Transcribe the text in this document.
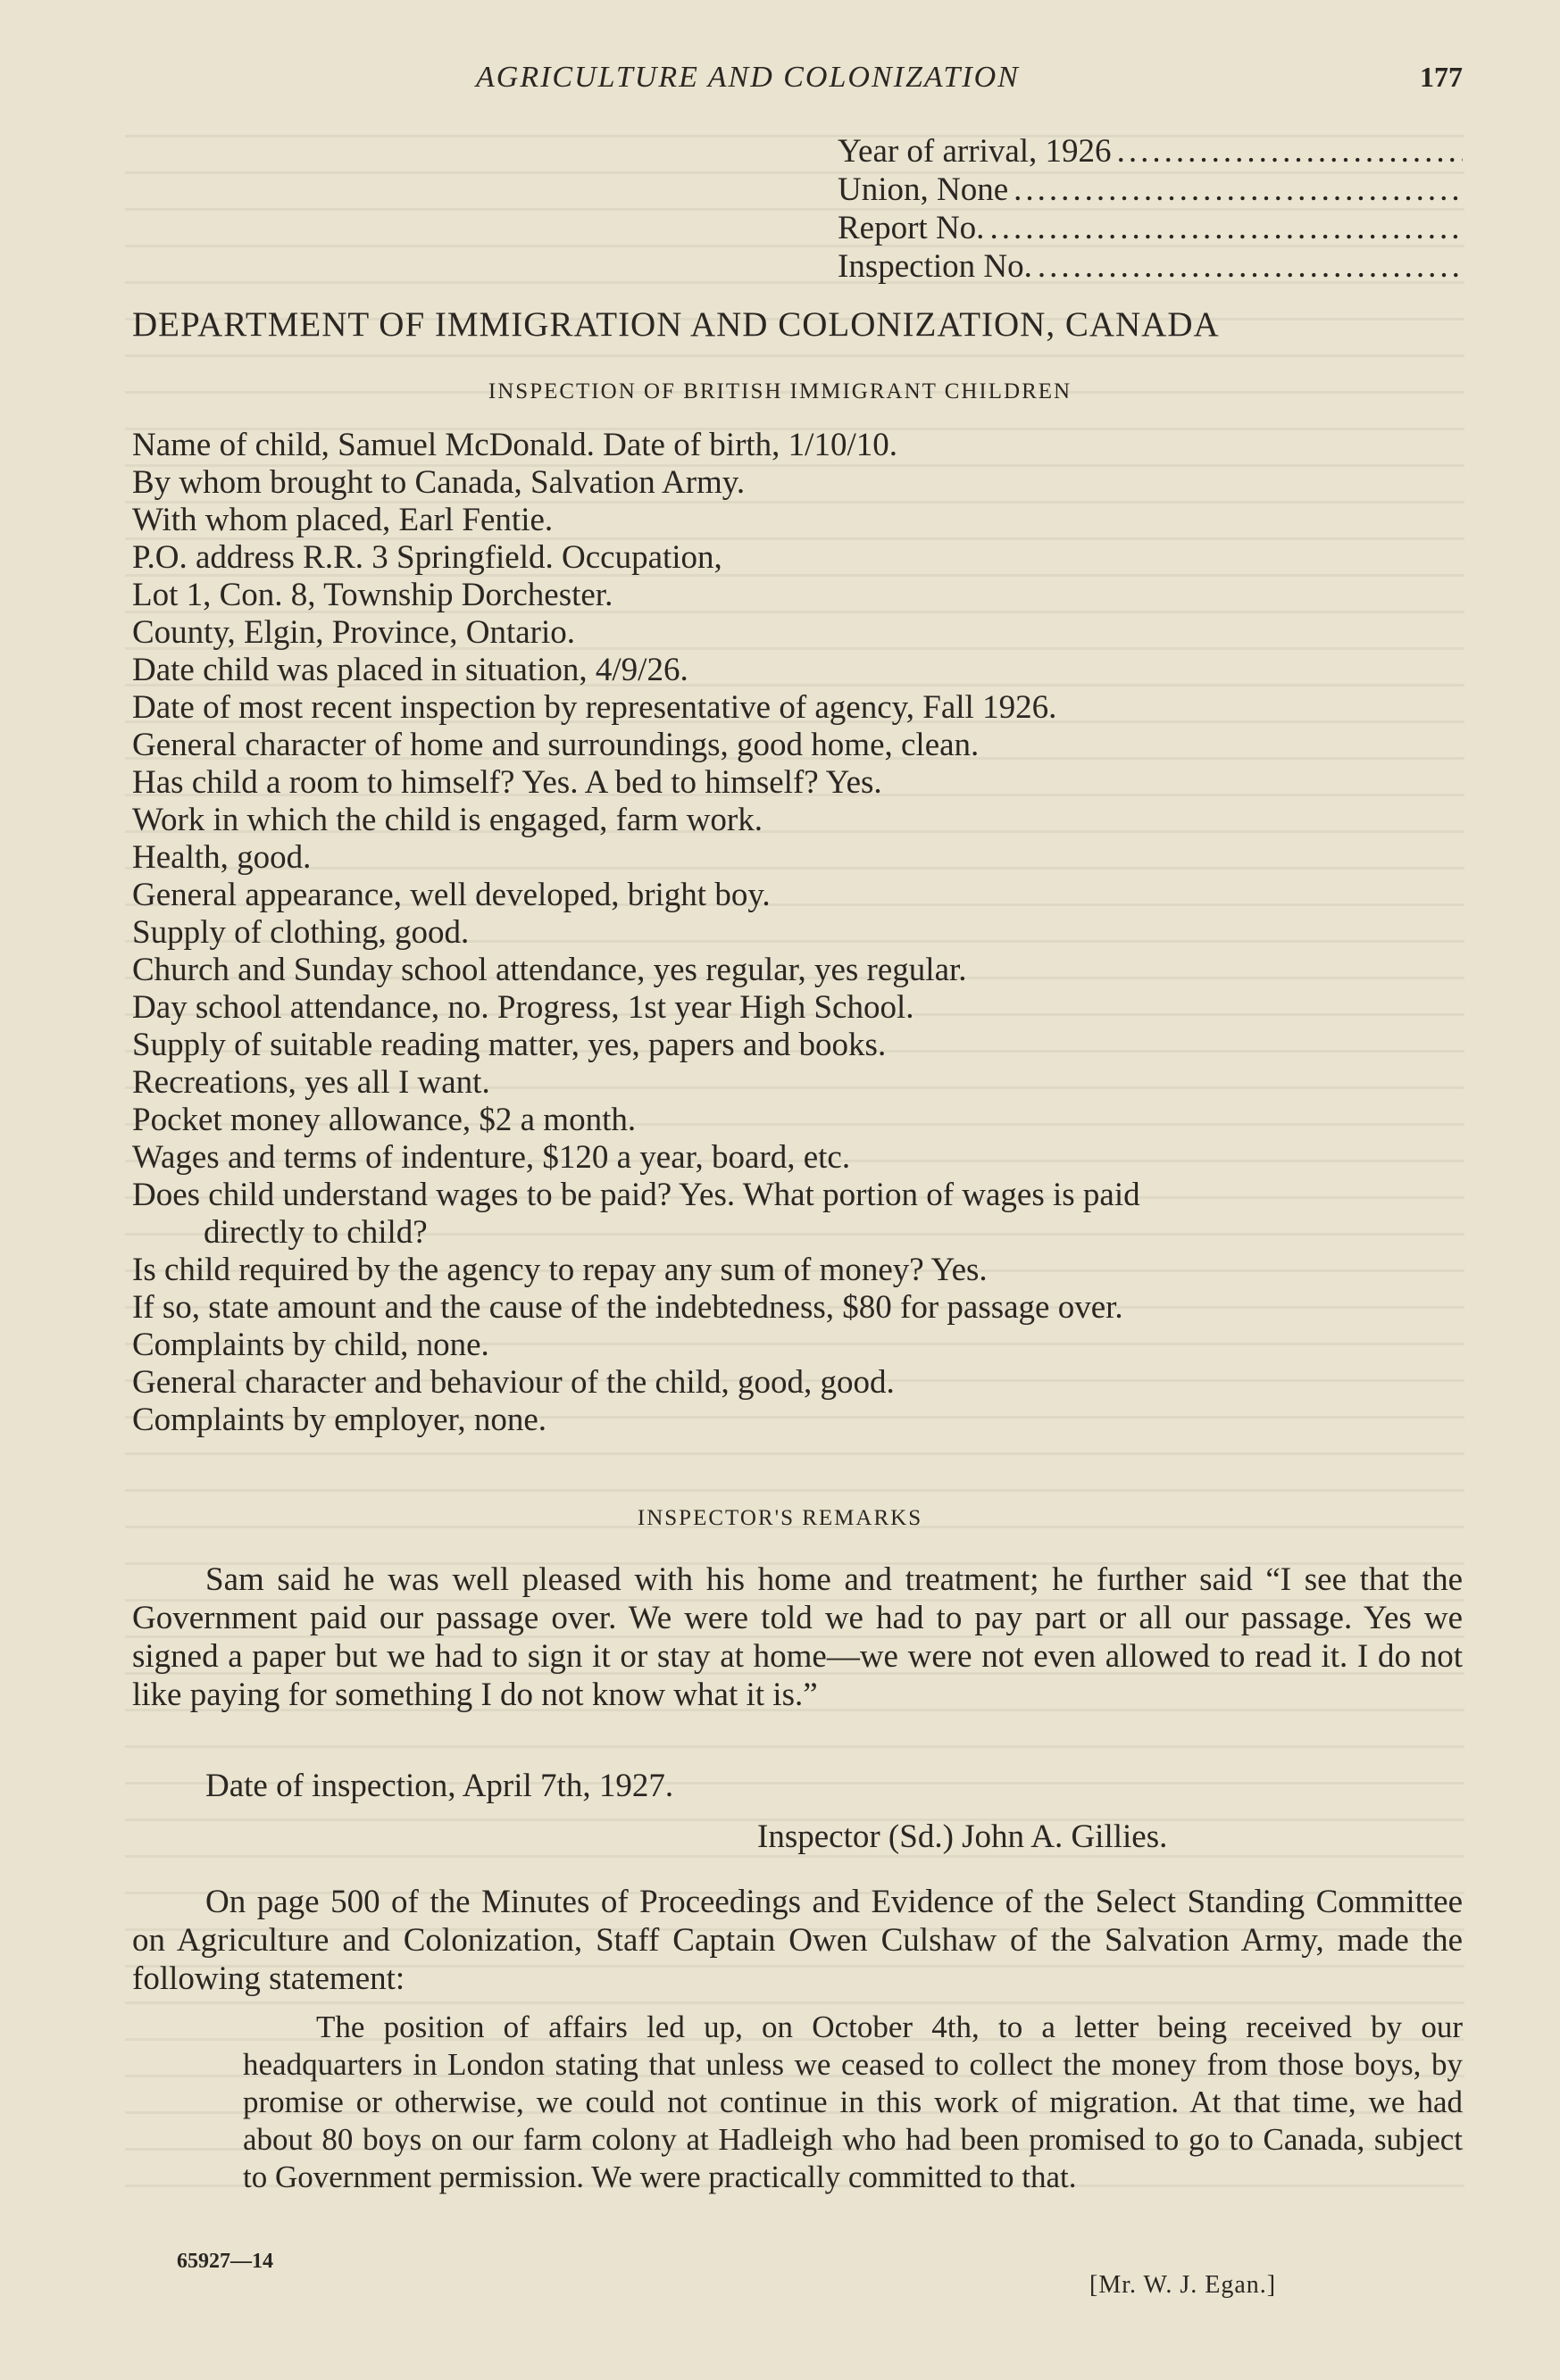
AGRICULTURE AND COLONIZATION	177
Year of arrival, 1926
.....
Union, None
.....
Report No.
.....
Inspection No.
.....
DEPARTMENT OF IMMIGRATION AND COLONIZATION, CANADA
INSPECTION OF BRITISH IMMIGRANT CHILDREN
Name of child, Samuel McDonald. Date of birth, 1/10/10.
By whom brought to Canada, Salvation Army.
With whom placed, Earl Fentie.
P.O. address R.R. 3 Springfield. Occupation,
Lot 1, Con. 8, Township Dorchester.
County, Elgin, Province, Ontario.
Date child was placed in situation, 4/9/26.
Date of most recent inspection by representative of agency, Fall 1926.
General character of home and surroundings, good home, clean.
Has child a room to himself? Yes. A bed to himself? Yes.
Work in which the child is engaged, farm work.
Health, good.
General appearance, well developed, bright boy.
Supply of clothing, good.
Church and Sunday school attendance, yes regular, yes regular.
Day school attendance, no. Progress, 1st year High School.
Supply of suitable reading matter, yes, papers and books.
Recreations, yes all I want.
Pocket money allowance, $2 a month.
Wages and terms of indenture, $120 a year, board, etc.
Does child understand wages to be paid? Yes. What portion of wages is paid
directly to child?
Is child required by the agency to repay any sum of money? Yes.
If so, state amount and the cause of the indebtedness, $80 for passage over.
Complaints by child, none.
General character and behaviour of the child, good, good.
Complaints by employer, none.
INSPECTOR'S REMARKS
Sam said he was well pleased with his home and treatment; he further said “I see that the Government paid our passage over. We were told we had to pay part or all our passage. Yes we signed a paper but we had to sign it or stay at home—we were not even allowed to read it. I do not like paying for something I do not know what it is.”
Date of inspection, April 7th, 1927.
Inspector (Sd.) John A. Gillies.
On page 500 of the Minutes of Proceedings and Evidence of the Select Standing Committee on Agriculture and Colonization, Staff Captain Owen Culshaw of the Salvation Army, made the following statement:
The position of affairs led up, on October 4th, to a letter being received by our headquarters in London stating that unless we ceased to collect the money from those boys, by promise or otherwise, we could not continue in this work of migration. At that time, we had about 80 boys on our farm colony at Hadleigh who had been promised to go to Canada, subject to Government permission. We were practically committed to that.
65927—14
[Mr. W. J. Egan.]
